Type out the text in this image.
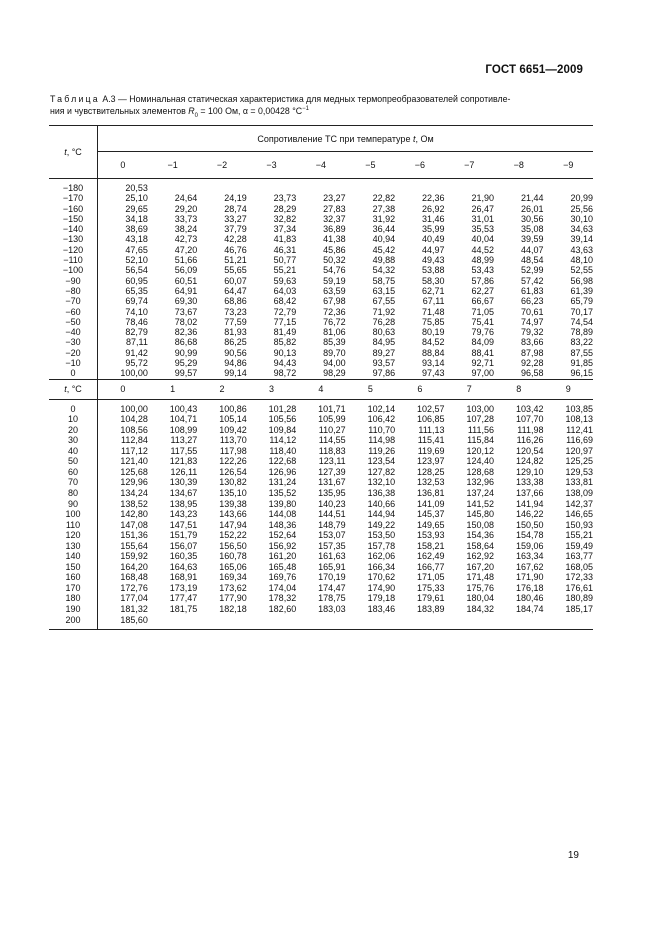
ГОСТ 6651—2009
Таблица А.3 — Номинальная статическая характеристика для медных термопреобразователей сопротивле-
ния и чувствительных элементов $R_0 = 100$ Ом, α = 0,00428 $^\circ C^{-1}$
t, °C	Сопротивление ТС при температуре t, Ом									
	0	−1	−2	−3	−4	−5	−6	−7	−8	−9

−180	20,53									
−170	25,10	24,64	24,19	23,73	23,27	22,82	22,36	21,90	21,44	20,99
−160	29,65	29,20	28,74	28,29	27,83	27,38	26,92	26,47	26,01	25,56
−150	34,18	33,73	33,27	32,82	32,37	31,92	31,46	31,01	30,56	30,10
−140	38,69	38,24	37,79	37,34	36,89	36,44	35,99	35,53	35,08	34,63
−130	43,18	42,73	42,28	41,83	41,38	40,94	40,49	40,04	39,59	39,14
−120	47,65	47,20	46,76	46,31	45,86	45,42	44,97	44,52	44,07	43,63
−110	52,10	51,66	51,21	50,77	50,32	49,88	49,43	48,99	48,54	48,10
−100	56,54	56,09	55,65	55,21	54,76	54,32	53,88	53,43	52,99	52,55
−90	60,95	60,51	60,07	59,63	59,19	58,75	58,30	57,86	57,42	56,98
−80	65,35	64,91	64,47	64,03	63,59	63,15	62,71	62,27	61,83	61,39
−70	69,74	69,30	68,86	68,42	67,98	67,55	67,11	66,67	66,23	65,79
−60	74,10	73,67	73,23	72,79	72,36	71,92	71,48	71,05	70,61	70,17
−50	78,46	78,02	77,59	77,15	76,72	76,28	75,85	75,41	74,97	74,54
−40	82,79	82,36	81,93	81,49	81,06	80,63	80,19	79,76	79,32	78,89
−30	87,11	86,68	86,25	85,82	85,39	84,95	84,52	84,09	83,66	83,22
−20	91,42	90,99	90,56	90,13	89,70	89,27	88,84	88,41	87,98	87,55
−10	95,72	95,29	94,86	94,43	94,00	93,57	93,14	92,71	92,28	91,85
0	100,00	99,57	99,14	98,72	98,29	97,86	97,43	97,00	96,58	96,15
t, °C	0	1	2	3	4	5	6	7	8	9

0	100,00	100,43	100,86	101,28	101,71	102,14	102,57	103,00	103,42	103,85
10	104,28	104,71	105,14	105,56	105,99	106,42	106,85	107,28	107,70	108,13
20	108,56	108,99	109,42	109,84	110,27	110,70	111,13	111,56	111,98	112,41
30	112,84	113,27	113,70	114,12	114,55	114,98	115,41	115,84	116,26	116,69
40	117,12	117,55	117,98	118,40	118,83	119,26	119,69	120,12	120,54	120,97
50	121,40	121,83	122,26	122,68	123,11	123,54	123,97	124,40	124,82	125,25
60	125,68	126,11	126,54	126,96	127,39	127,82	128,25	128,68	129,10	129,53
70	129,96	130,39	130,82	131,24	131,67	132,10	132,53	132,96	133,38	133,81
80	134,24	134,67	135,10	135,52	135,95	136,38	136,81	137,24	137,66	138,09
90	138,52	138,95	139,38	139,80	140,23	140,66	141,09	141,52	141,94	142,37
100	142,80	143,23	143,66	144,08	144,51	144,94	145,37	145,80	146,22	146,65
110	147,08	147,51	147,94	148,36	148,79	149,22	149,65	150,08	150,50	150,93
120	151,36	151,79	152,22	152,64	153,07	153,50	153,93	154,36	154,78	155,21
130	155,64	156,07	156,50	156,92	157,35	157,78	158,21	158,64	159,06	159,49
140	159,92	160,35	160,78	161,20	161,63	162,06	162,49	162,92	163,34	163,77
150	164,20	164,63	165,06	165,48	165,91	166,34	166,77	167,20	167,62	168,05
160	168,48	168,91	169,34	169,76	170,19	170,62	171,05	171,48	171,90	172,33
170	172,76	173,19	173,62	174,04	174,47	174,90	175,33	175,76	176,18	176,61
180	177,04	177,47	177,90	178,32	178,75	179,18	179,61	180,04	180,46	180,89
190	181,32	181,75	182,18	182,60	183,03	183,46	183,89	184,32	184,74	185,17
200	185,60									

19
